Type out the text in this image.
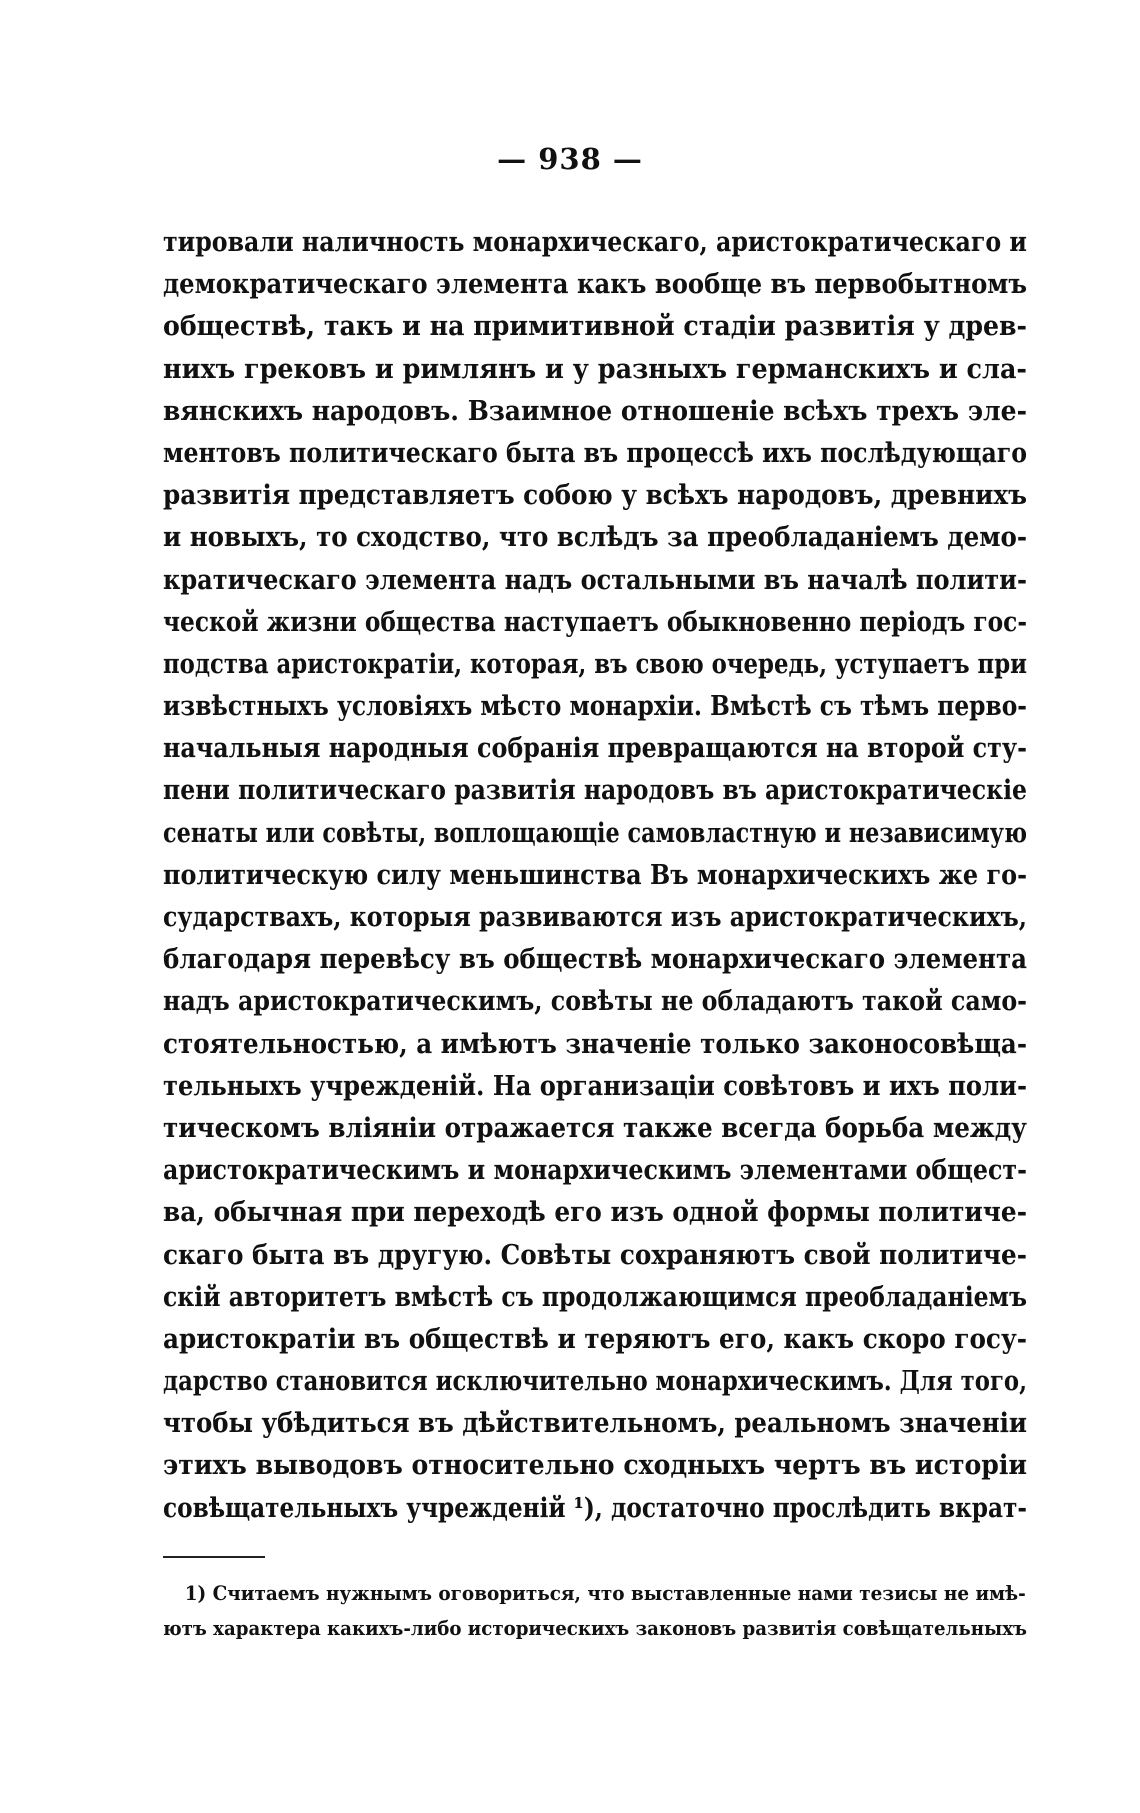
— 938 —
тировали наличность монархическаго, аристократическаго и
демократическаго элемента какъ вообще въ первобытномъ
обществѣ, такъ и на примитивной стадiи развитiя у древ-
нихъ грековъ и римлянъ и у разныхъ германскихъ и сла-
вянскихъ народовъ. Взаимное отношенiе всѣхъ трехъ эле-
ментовъ политическаго быта въ процессѣ ихъ послѣдующаго
развитiя представляетъ собою у всѣхъ народовъ, древнихъ
и новыхъ, то сходство, что вслѣдъ за преобладанiемъ демо-
кратическаго элемента надъ остальными въ началѣ полити-
ческой жизни общества наступаетъ обыкновенно перiодъ гос-
подства аристократiи, которая, въ свою очередь, уступаетъ при
извѣстныхъ условiяхъ мѣсто монархiи. Вмѣстѣ съ тѣмъ перво-
начальныя народныя собранiя превращаются на второй сту-
пени политическаго развитiя народовъ въ аристократическiе
сенаты или совѣты, воплощающiе самовластную и независимую
политическую силу меньшинства Въ монархическихъ же го-
сударствахъ, которыя развиваются изъ аристократическихъ,
благодаря перевѣсу въ обществѣ монархическаго элемента
надъ аристократическимъ, совѣты не обладаютъ такой само-
стоятельностью, а имѣютъ значенiе только законосовѣща-
тельныхъ учрежденiй. На организацiи совѣтовъ и ихъ поли-
тическомъ влiянiи отражается также всегда борьба между
аристократическимъ и монархическимъ элементами общест-
ва, обычная при переходѣ его изъ одной формы политиче-
скаго быта въ другую. Совѣты сохраняютъ свой политиче-
скiй авторитетъ вмѣстѣ съ продолжающимся преобладанiемъ
аристократiи въ обществѣ и теряютъ его, какъ скоро госу-
дарство становится исключительно монархическимъ. Для того,
чтобы убѣдиться въ дѣйствительномъ, реальномъ значенiи
этихъ выводовъ относительно сходныхъ чертъ въ исторiи
совѣщательныхъ учрежденiй ¹), достаточно прослѣдить вкрат-
1) Считаемъ нужнымъ оговориться, что выставленные нами тезисы не имѣ-
ютъ характера какихъ-либо историческихъ законовъ развитiя совѣщательныхъ
